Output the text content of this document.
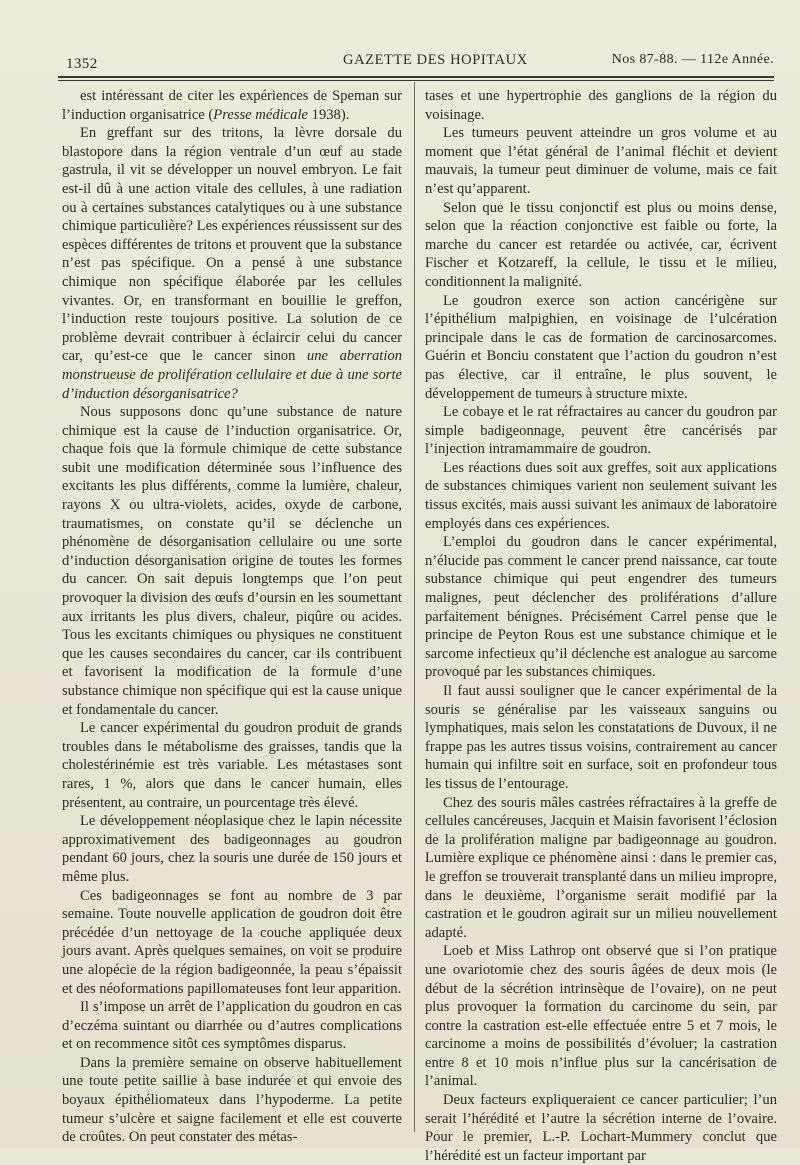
1352	GAZETTE DES HOPITAUX	Nos 87-88. — 112e Année.

est intéressant de citer les expériences de Speman sur l’induction organisatrice (Presse médicale 1938).

En greffant sur des tritons, la lèvre dorsale du blastopore dans la région ventrale d’un œuf au stade gastrula, il vit se développer un nouvel embryon. Le fait est-il dû à une action vitale des cellules, à une radiation ou à certaines substances catalytiques ou à une substance chimique particulière? Les expériences réussissent sur des espèces différentes de tritons et prouvent que la substance n’est pas spécifique. On a pensé à une substance chimique non spécifique élaborée par les cellules vivantes. Or, en transformant en bouillie le greffon, l’induction reste toujours positive. La solution de ce problème devrait contribuer à éclaircir celui du cancer car, qu’est-ce que le cancer sinon une aberration monstrueuse de prolifération cellulaire et due à une sorte d’induction désorganisatrice?

Nous supposons donc qu’une substance de nature chimique est la cause de l’induction organisatrice. Or, chaque fois que la formule chimique de cette substance subit une modification déterminée sous l’influence des excitants les plus différents, comme la lumière, chaleur, rayons X ou ultra-violets, acides, oxyde de carbone, traumatismes, on constate qu’il se déclenche un phénomène de désorganisation cellulaire ou une sorte d’induction désorganisation origine de toutes les formes du cancer. On sait depuis longtemps que l’on peut provoquer la division des œufs d’oursin en les soumettant aux irritants les plus divers, chaleur, piqûre ou acides. Tous les excitants chimiques ou physiques ne constituent que les causes secondaires du cancer, car ils contribuent et favorisent la modification de la formule d’une substance chimique non spécifique qui est la cause unique et fondamentale du cancer.

Le cancer expérimental du goudron produit de grands troubles dans le métabolisme des graisses, tandis que la cholestérinémie est très variable. Les métastases sont rares, 1 %, alors que dans le cancer humain, elles présentent, au contraire, un pourcentage très élevé.

Le développement néoplasique chez le lapin nécessite approximativement des badigeonnages au goudron pendant 60 jours, chez la souris une durée de 150 jours et même plus.

Ces badigeonnages se font au nombre de 3 par semaine. Toute nouvelle application de goudron doit être précédée d’un nettoyage de la couche appliquée deux jours avant. Après quelques semaines, on voit se produire une alopécie de la région badigeonnée, la peau s’épaissit et des néoformations papillomateuses font leur apparition.

Il s’impose un arrêt de l’application du goudron en cas d’eczéma suintant ou diarrhée ou d’autres complications et on recommence sitôt ces symptômes disparus.

Dans la première semaine on observe habituellement une toute petite saillie à base indurée et qui envoie des boyaux épithéliomateux dans l’hypoderme. La petite tumeur s’ulcère et saigne facilement et elle est couverte de croûtes. On peut constater des métas-

tases et une hypertrophie des ganglions de la région du voisinage.

Les tumeurs peuvent atteindre un gros volume et au moment que l’état général de l’animal fléchit et devient mauvais, la tumeur peut diminuer de volume, mais ce fait n’est qu’apparent.

Selon que le tissu conjonctif est plus ou moins dense, selon que la réaction conjonctive est faible ou forte, la marche du cancer est retardée ou activée, car, écrivent Fischer et Kotzareff, la cellule, le tissu et le milieu, conditionnent la malignité.

Le goudron exerce son action cancérigène sur l’épithélium malpighien, en voisinage de l’ulcération principale dans le cas de formation de carcinosarcomes. Guérin et Bonciu constatent que l’action du goudron n’est pas élective, car il entraîne, le plus souvent, le développement de tumeurs à structure mixte.

Le cobaye et le rat réfractaires au cancer du goudron par simple badigeonnage, peuvent être cancérisés par l’injection intramammaire de goudron.

Les réactions dues soit aux greffes, soit aux applications de substances chimiques varient non seulement suivant les tissus excités, mais aussi suivant les animaux de laboratoire employés dans ces expériences.

L’emploi du goudron dans le cancer expérimental, n’élucide pas comment le cancer prend naissance, car toute substance chimique qui peut engendrer des tumeurs malignes, peut déclencher des proliférations d’allure parfaitement bénignes. Précisément Carrel pense que le principe de Peyton Rous est une substance chimique et le sarcome infectieux qu’il déclenche est analogue au sarcome provoqué par les substances chimiques.

Il faut aussi souligner que le cancer expérimental de la souris se généralise par les vaisseaux sanguins ou lymphatiques, mais selon les constatations de Duvoux, il ne frappe pas les autres tissus voisins, contrairement au cancer humain qui infiltre soit en surface, soit en profondeur tous les tissus de l’entourage.

Chez des souris mâles castrées réfractaires à la greffe de cellules cancéreuses, Jacquin et Maisin favorisent l’éclosion de la prolifération maligne par badigeonnage au goudron. Lumière explique ce phénomène ainsi : dans le premier cas, le greffon se trouverait transplanté dans un milieu impropre, dans le deuxième, l’organisme serait modifié par la castration et le goudron agirait sur un milieu nouvellement adapté.

Loeb et Miss Lathrop ont observé que si l’on pratique une ovariotomie chez des souris âgées de deux mois (le début de la sécrétion intrinsèque de l’ovaire), on ne peut plus provoquer la formation du carcinome du sein, par contre la castration est-elle effectuée entre 5 et 7 mois, le carcinome a moins de possibilités d’évoluer; la castration entre 8 et 10 mois n’influe plus sur la cancérisation de l’animal.

Deux facteurs expliqueraient ce cancer particulier; l’un serait l’hérédité et l’autre la sécrétion interne de l’ovaire. Pour le premier, L.-P. Lochart-Mummery conclut que l’hérédité est un facteur important par
